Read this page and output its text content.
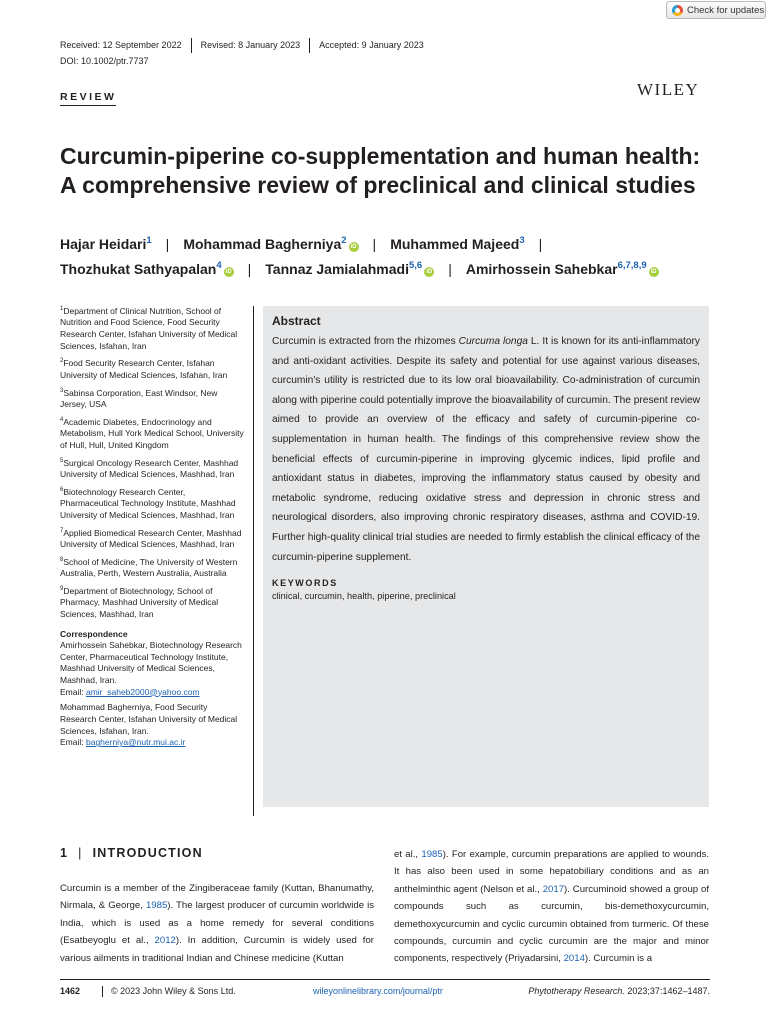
Check for updates
Received: 12 September 2022	Revised: 8 January 2023	Accepted: 9 January 2023
DOI: 10.1002/ptr.7737
REVIEW	WILEY
Curcumin-piperine co-supplementation and human health: A comprehensive review of preclinical and clinical studies
Hajar Heidari$^1$ | Mohammad Bagherniya$^2$iD | Muhammed Majeed$^3$ |
Thozhukat Sathyapalan$^4$iD | Tannaz Jamialahmadi$^{5,6}$iD | Amirhossein Sahebkar$^{6,7,8,9}$iD

$^1$Department of Clinical Nutrition, School of Nutrition and Food Science, Food Security Research Center, Isfahan University of Medical Sciences, Isfahan, Iran

$^2$Food Security Research Center, Isfahan University of Medical Sciences, Isfahan, Iran

$^3$Sabinsa Corporation, East Windsor, New Jersey, USA

$^4$Academic Diabetes, Endocrinology and Metabolism, Hull York Medical School, University of Hull, Hull, United Kingdom

$^5$Surgical Oncology Research Center, Mashhad University of Medical Sciences, Mashhad, Iran

$^6$Biotechnology Research Center, Pharmaceutical Technology Institute, Mashhad University of Medical Sciences, Mashhad, Iran

$^7$Applied Biomedical Research Center, Mashhad University of Medical Sciences, Mashhad, Iran

$^8$School of Medicine, The University of Western Australia, Perth, Western Australia, Australia

$^9$Department of Biotechnology, School of Pharmacy, Mashhad University of Medical Sciences, Mashhad, Iran

Correspondence

Amirhossein Sahebkar, Biotechnology Research Center, Pharmaceutical Technology Institute, Mashhad University of Medical Sciences, Mashhad, Iran.
Email: amir_saheb2000@yahoo.com

Mohammad Bagherniya, Food Security Research Center, Isfahan University of Medical Sciences, Isfahan, Iran.
Email: bagherniya@nutr.mui.ac.ir

Abstract
Curcumin is extracted from the rhizomes Curcuma longa L. It is known for its anti-inflammatory and anti-oxidant activities. Despite its safety and potential for use against various diseases, curcumin's utility is restricted due to its low oral bioavailability. Co-administration of curcumin along with piperine could potentially improve the bioavailability of curcumin. The present review aimed to provide an overview of the efficacy and safety of curcumin-piperine co-supplementation in human health. The findings of this comprehensive review show the beneficial effects of curcumin-piperine in improving glycemic indices, lipid profile and antioxidant status in diabetes, improving the inflammatory status caused by obesity and metabolic syndrome, reducing oxidative stress and depression in chronic stress and neurological disorders, also improving chronic respiratory diseases, asthma and COVID-19. Further high-quality clinical trial studies are needed to firmly establish the clinical efficacy of the curcumin-piperine supplement.
KEYWORDS
clinical, curcumin, health, piperine, preclinical
1 | INTRODUCTION
Curcumin is a member of the Zingiberaceae family (Kuttan, Bhanumathy, Nirmala, & George, 1985). The largest producer of curcumin worldwide is India, which is used as a home remedy for several conditions (Esatbeyoglu et al., 2012). In addition, Curcumin is widely used for various ailments in traditional Indian and Chinese medicine (Kuttan
et al., 1985). For example, curcumin preparations are applied to wounds. It has also been used in some hepatobiliary conditions and as an anthelminthic agent (Nelson et al., 2017). Curcuminoid showed a group of compounds such as curcumin, bis-demethoxycurcumin, demethoxycurcumin and cyclic curcumin obtained from turmeric. Of these compounds, curcumin and cyclic curcumin are the major and minor components, respectively (Priyadarsini, 2014). Curcumin is a
1462	© 2023 John Wiley & Sons Ltd.	wileyonlinelibrary.com/journal/ptr	Phytotherapy Research. 2023;37:1462–1487.
